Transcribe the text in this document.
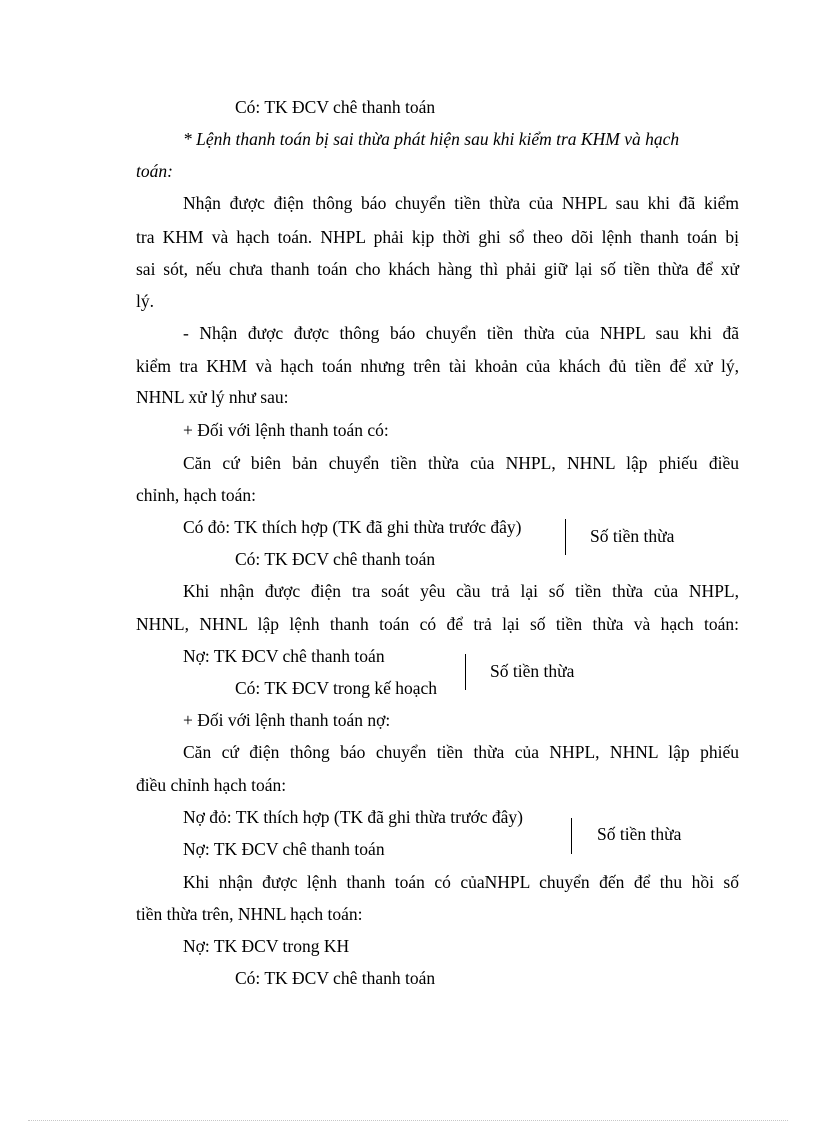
Có: TK ĐCV chê thanh toán
* Lệnh thanh toán bị sai thừa phát hiện sau khi kiểm tra KHM và hạch
toán:
Nhận được điện thông báo chuyển tiền thừa của NHPL sau khi đã kiểm
tra KHM và hạch toán. NHPL phải kịp thời ghi sổ theo dõi lệnh thanh toán bị
sai sót, nếu chưa thanh toán cho khách hàng thì phải giữ lại số tiền thừa để xử
lý.
- Nhận được được thông báo chuyển tiền thừa của NHPL sau khi đã
kiểm tra KHM và hạch toán nhưng trên tài khoản của khách đủ tiền để xử lý,
NHNL xử lý như sau:
+ Đối với lệnh thanh toán có:
Căn cứ biên bản chuyển tiền thừa của NHPL, NHNL lập phiếu điều
chỉnh, hạch toán:
Có đỏ: TK thích hợp (TK đã ghi thừa trước đây)
Có: TK ĐCV chê thanh toán
Số tiền thừa
Khi nhận được điện tra soát yêu cầu trả lại số tiền thừa của NHPL,
NHNL, NHNL lập lệnh thanh toán có để trả lại số tiền thừa và hạch toán:
Nợ: TK ĐCV chê thanh toán
Có: TK ĐCV trong kế hoạch
Số tiền thừa
+ Đối với lệnh thanh toán nợ:
Căn cứ điện thông báo chuyển tiền thừa của NHPL, NHNL lập phiếu
điều chỉnh hạch toán:
Nợ đỏ: TK thích hợp (TK đã ghi thừa trước đây)
Nợ: TK ĐCV chê thanh toán
Số tiền thừa
Khi nhận được lệnh thanh toán có củaNHPL chuyển đến để thu hồi số
tiền thừa trên, NHNL hạch toán:
Nợ: TK ĐCV trong KH
Có: TK ĐCV chê thanh toán
